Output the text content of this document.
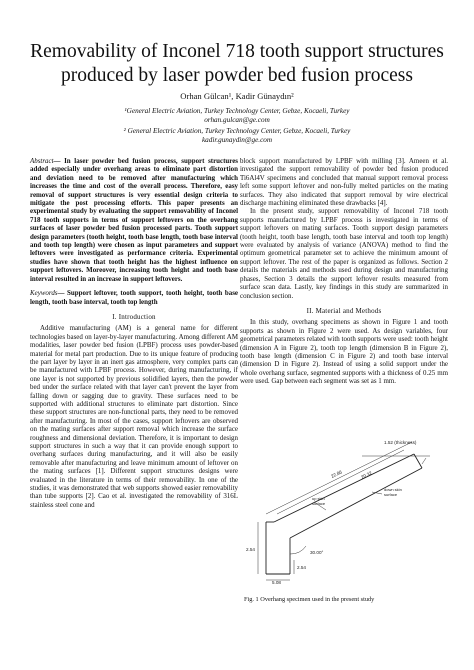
Removability of Inconel 718 tooth support structures produced by laser powder bed fusion process
Orhan Gülcan¹, Kadir Günaydın²
¹General Electric Aviation, Turkey Technology Center, Gebze, Kocaeli, Turkey
orhan.gulcan@ge.com
² General Electric Aviation, Turkey Technology Center, Gebze, Kocaeli, Turkey
kadir.gunaydin@ge.com
Abstract— In laser powder bed fusion process, support structures added especially under overhang areas to eliminate part distortion and deviation need to be removed after manufacturing which increases the time and cost of the overall process. Therefore, easy removal of support structures is very essential design criteria to mitigate the post processing efforts. This paper presents an experimental study by evaluating the support removability of Inconel 718 tooth supports in terms of support leftovers on the overhang surfaces of laser powder bed fusion processed parts. Tooth support design parameters (tooth height, tooth base length, tooth base interval and tooth top length) were chosen as input parameters and support leftovers were investigated as performance criteria. Experimental studies have shown that tooth height has the highest influence on support leftovers. Moreover, increasing tooth height and tooth base interval resulted in an increase in support leftovers.
Keywords— Support leftover, tooth support, tooth height, tooth base length, tooth base interval, tooth top length
I. Introduction

Additive manufacturing (AM) is a general name for different technologies based on layer-by-layer manufacturing. Among different AM modalities, laser powder bed fusion (LPBF) process uses powder-based material for metal part production. Due to its unique feature of producing the part layer by layer in an inert gas atmosphere, very complex parts can be manufactured with LPBF process. However, during manufacturing, if one layer is not supported by previous solidified layers, then the powder bed under the surface related with that layer can't prevent the layer from falling down or sagging due to gravity. These surfaces need to be supported with additional structures to eliminate part distortion. Since these support structures are non-functional parts, they need to be removed after manufacturing. In most of the cases, support leftovers are observed on the mating surfaces after support removal which increase the surface roughness and dimensional deviation. Therefore, it is important to design support structures in such a way that it can provide enough support to overhang surfaces during manufacturing, and it will also be easily removable after manufacturing and leave minimum amount of leftover on the mating surfaces [1]. Different support structures designs were evaluated in the literature in terms of their removability. In one of the studies, it was demonstrated that web supports showed easier removability than tube supports [2]. Cao et al. investigated the removability of 316L stainless steel cone and

block support manufactured by LPBF with milling [3]. Ameen et al. investigated the support removability of powder bed fusion produced Ti6Al4V specimens and concluded that manual support removal process left some support leftover and non-fully melted particles on the mating surfaces. They also indicated that support removal by wire electrical discharge machining eliminated these drawbacks [4].

In the present study, support removability of Inconel 718 tooth supports manufactured by LPBF process is investigated in terms of support leftovers on mating surfaces. Tooth support design parameters (tooth height, tooth base length, tooth base interval and tooth top length) were evaluated by analysis of variance (ANOVA) method to find the optimum geometrical parameter set to achieve the minimum amount of support leftover. The rest of the paper is organized as follows. Section 2 details the materials and methods used during design and manufacturing phases, Section 3 details the support leftover results measured from surface scan data. Lastly, key findings in this study are summarized in conclusion section.

II. Material and Methods

In this study, overhang specimens as shown in Figure 1 and tooth supports as shown in Figure 2 were used. As design variables, four geometrical parameters related with tooth supports were used: tooth height (dimension A in Figure 2), tooth top length (dimension B in Figure 2), tooth base length (dimension C in Figure 2) and tooth base interval (dimension D in Figure 2). Instead of using a solid support under the whole overhang surface, segmented supports with a thickness of 0.25 mm were used. Gap between each segment was set as 1 mm.

1.52 (thickness)
20.32
22.86
up skin
surface
down skin
surface
30.00°
2.54
2.54
5.08
Fig. 1 Overhang specimen used in the present study
